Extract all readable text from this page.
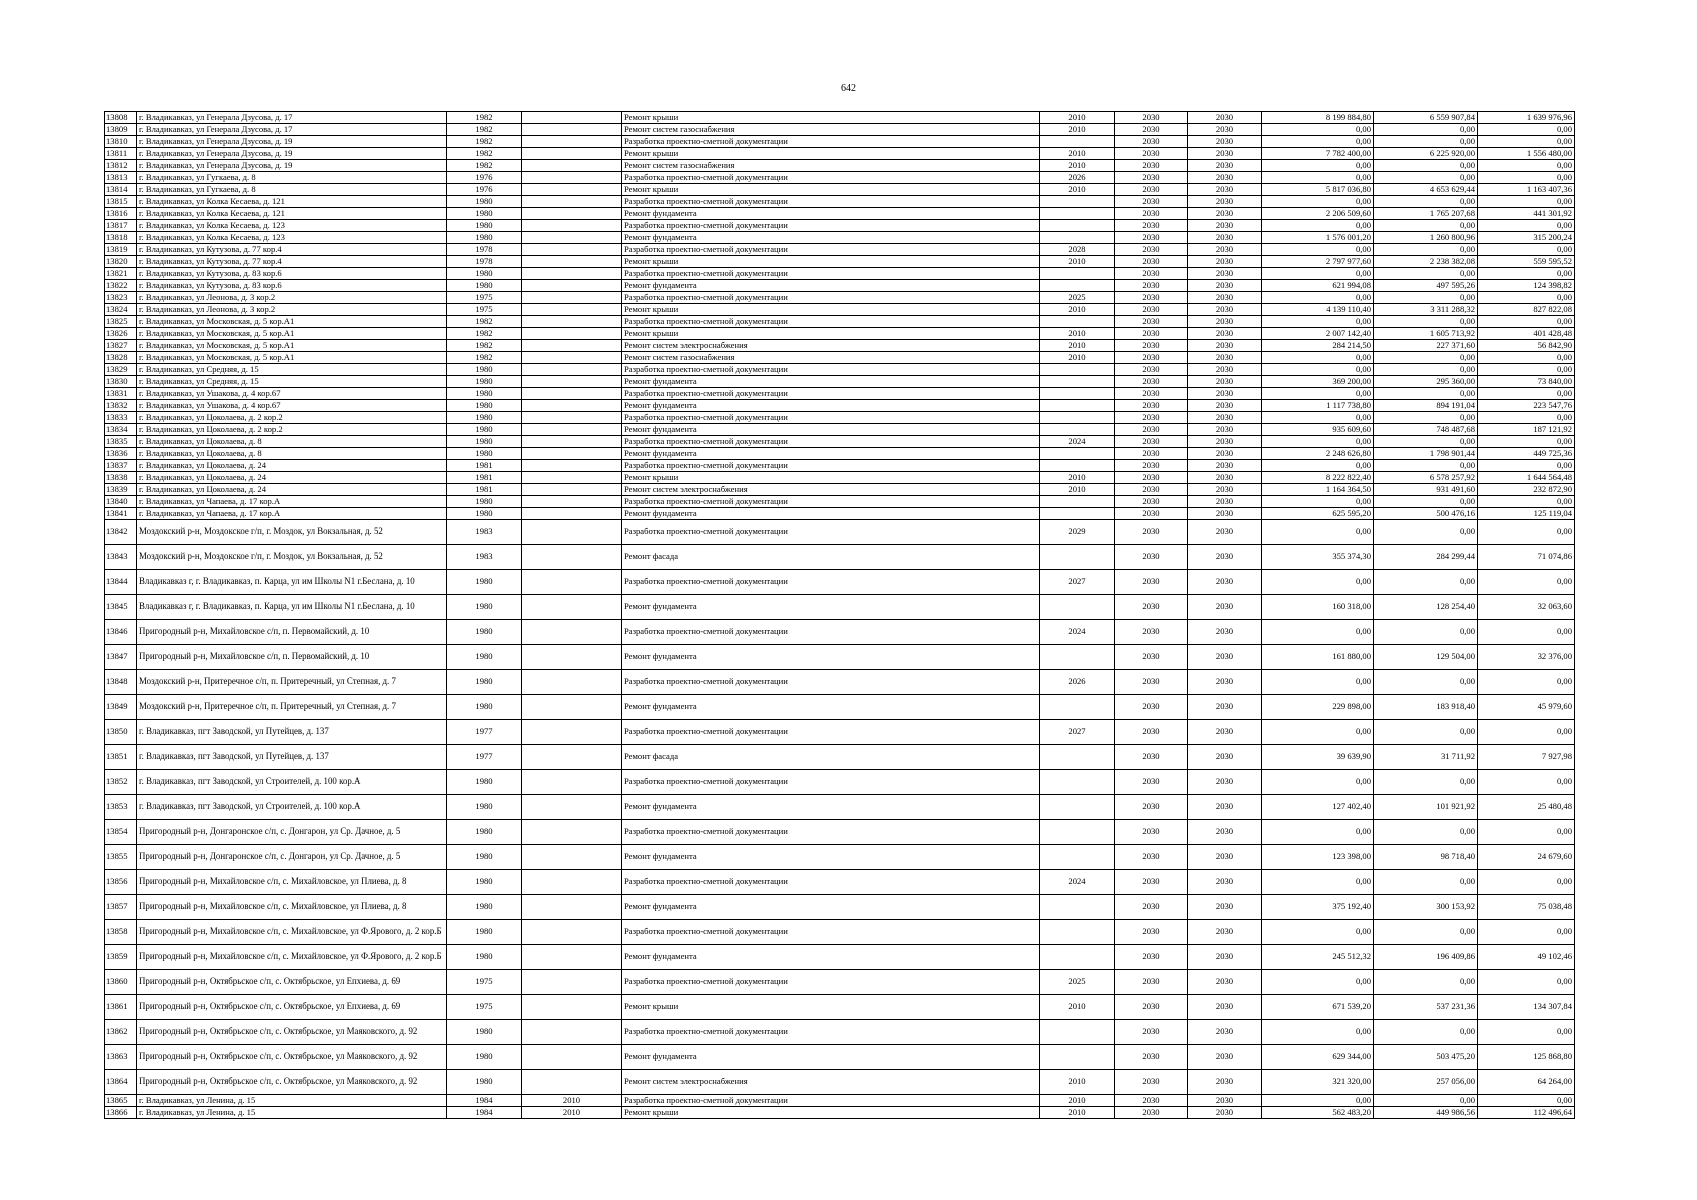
642
13808	г. Владикавказ, ул Генерала Дзусова, д. 17	1982		Ремонт крыши	2010	2030	2030	8 199 884,80	6 559 907,84	1 639 976,96
13809	г. Владикавказ, ул Генерала Дзусова, д. 17	1982		Ремонт систем газоснабжения	2010	2030	2030	0,00	0,00	0,00
13810	г. Владикавказ, ул Генерала Дзусова, д. 19	1982		Разработка проектно-сметной документации		2030	2030	0,00	0,00	0,00
13811	г. Владикавказ, ул Генерала Дзусова, д. 19	1982		Ремонт крыши	2010	2030	2030	7 782 400,00	6 225 920,00	1 556 480,00
13812	г. Владикавказ, ул Генерала Дзусова, д. 19	1982		Ремонт систем газоснабжения	2010	2030	2030	0,00	0,00	0,00
13813	г. Владикавказ, ул Гугкаева, д. 8	1976		Разработка проектно-сметной документации	2026	2030	2030	0,00	0,00	0,00
13814	г. Владикавказ, ул Гугкаева, д. 8	1976		Ремонт крыши	2010	2030	2030	5 817 036,80	4 653 629,44	1 163 407,36
13815	г. Владикавказ, ул Колка Кесаева, д. 121	1980		Разработка проектно-сметной документации		2030	2030	0,00	0,00	0,00
13816	г. Владикавказ, ул Колка Кесаева, д. 121	1980		Ремонт фундамента		2030	2030	2 206 509,60	1 765 207,68	441 301,92
13817	г. Владикавказ, ул Колка Кесаева, д. 123	1980		Разработка проектно-сметной документации		2030	2030	0,00	0,00	0,00
13818	г. Владикавказ, ул Колка Кесаева, д. 123	1980		Ремонт фундамента		2030	2030	1 576 001,20	1 260 800,96	315 200,24
13819	г. Владикавказ, ул Кутузова, д. 77 кор.4	1978		Разработка проектно-сметной документации	2028	2030	2030	0,00	0,00	0,00
13820	г. Владикавказ, ул Кутузова, д. 77 кор.4	1978		Ремонт крыши	2010	2030	2030	2 797 977,60	2 238 382,08	559 595,52
13821	г. Владикавказ, ул Кутузова, д. 83 кор.6	1980		Разработка проектно-сметной документации		2030	2030	0,00	0,00	0,00
13822	г. Владикавказ, ул Кутузова, д. 83 кор.6	1980		Ремонт фундамента		2030	2030	621 994,08	497 595,26	124 398,82
13823	г. Владикавказ, ул Леонова, д. 3 кор.2	1975		Разработка проектно-сметной документации	2025	2030	2030	0,00	0,00	0,00
13824	г. Владикавказ, ул Леонова, д. 3 кор.2	1975		Ремонт крыши	2010	2030	2030	4 139 110,40	3 311 288,32	827 822,08
13825	г. Владикавказ, ул Московская, д. 5 кор.А1	1982		Разработка проектно-сметной документации		2030	2030	0,00	0,00	0,00
13826	г. Владикавказ, ул Московская, д. 5 кор.А1	1982		Ремонт крыши	2010	2030	2030	2 007 142,40	1 605 713,92	401 428,48
13827	г. Владикавказ, ул Московская, д. 5 кор.А1	1982		Ремонт систем электроснабжения	2010	2030	2030	284 214,50	227 371,60	56 842,90
13828	г. Владикавказ, ул Московская, д. 5 кор.А1	1982		Ремонт систем газоснабжения	2010	2030	2030	0,00	0,00	0,00
13829	г. Владикавказ, ул Средняя, д. 15	1980		Разработка проектно-сметной документации		2030	2030	0,00	0,00	0,00
13830	г. Владикавказ, ул Средняя, д. 15	1980		Ремонт фундамента		2030	2030	369 200,00	295 360,00	73 840,00
13831	г. Владикавказ, ул Ушакова, д. 4 кор.67	1980		Разработка проектно-сметной документации		2030	2030	0,00	0,00	0,00
13832	г. Владикавказ, ул Ушакова, д. 4 кор.67	1980		Ремонт фундамента		2030	2030	1 117 738,80	894 191,04	223 547,76
13833	г. Владикавказ, ул Цоколаева, д. 2 кор.2	1980		Разработка проектно-сметной документации		2030	2030	0,00	0,00	0,00
13834	г. Владикавказ, ул Цоколаева, д. 2 кор.2	1980		Ремонт фундамента		2030	2030	935 609,60	748 487,68	187 121,92
13835	г. Владикавказ, ул Цоколаева, д. 8	1980		Разработка проектно-сметной документации	2024	2030	2030	0,00	0,00	0,00
13836	г. Владикавказ, ул Цоколаева, д. 8	1980		Ремонт фундамента		2030	2030	2 248 626,80	1 798 901,44	449 725,36
13837	г. Владикавказ, ул Цоколаева, д. 24	1981		Разработка проектно-сметной документации		2030	2030	0,00	0,00	0,00
13838	г. Владикавказ, ул Цоколаева, д. 24	1981		Ремонт крыши	2010	2030	2030	8 222 822,40	6 578 257,92	1 644 564,48
13839	г. Владикавказ, ул Цоколаева, д. 24	1981		Ремонт систем электроснабжения	2010	2030	2030	1 164 364,50	931 491,60	232 872,90
13840	г. Владикавказ, ул Чапаева, д. 17 кор.А	1980		Разработка проектно-сметной документации		2030	2030	0,00	0,00	0,00
13841	г. Владикавказ, ул Чапаева, д. 17 кор.А	1980		Ремонт фундамента		2030	2030	625 595,20	500 476,16	125 119,04
13842	Моздокский р-н, Моздокское г/п, г. Моздок, ул Вокзальная, д. 52	1983		Разработка проектно-сметной документации	2029	2030	2030	0,00	0,00	0,00
13843	Моздокский р-н, Моздокское г/п, г. Моздок, ул Вокзальная, д. 52	1983		Ремонт фасада		2030	2030	355 374,30	284 299,44	71 074,86
13844	Владикавказ г, г. Владикавказ, п. Карца, ул им Школы N1 г.Беслана, д. 10	1980		Разработка проектно-сметной документации	2027	2030	2030	0,00	0,00	0,00
13845	Владикавказ г, г. Владикавказ, п. Карца, ул им Школы N1 г.Беслана, д. 10	1980		Ремонт фундамента		2030	2030	160 318,00	128 254,40	32 063,60
13846	Пригородный р-н, Михайловское с/п, п. Первомайский, д. 10	1980		Разработка проектно-сметной документации	2024	2030	2030	0,00	0,00	0,00
13847	Пригородный р-н, Михайловское с/п, п. Первомайский, д. 10	1980		Ремонт фундамента		2030	2030	161 880,00	129 504,00	32 376,00
13848	Моздокский р-н, Притеречное с/п, п. Притеречный, ул Степная, д. 7	1980		Разработка проектно-сметной документации	2026	2030	2030	0,00	0,00	0,00
13849	Моздокский р-н, Притеречное с/п, п. Притеречный, ул Степная, д. 7	1980		Ремонт фундамента		2030	2030	229 898,00	183 918,40	45 979,60
13850	г. Владикавказ, пгт Заводской, ул Путейцев, д. 137	1977		Разработка проектно-сметной документации	2027	2030	2030	0,00	0,00	0,00
13851	г. Владикавказ, пгт Заводской, ул Путейцев, д. 137	1977		Ремонт фасада		2030	2030	39 639,90	31 711,92	7 927,98
13852	г. Владикавказ, пгт Заводской, ул Строителей, д. 100 кор.А	1980		Разработка проектно-сметной документации		2030	2030	0,00	0,00	0,00
13853	г. Владикавказ, пгт Заводской, ул Строителей, д. 100 кор.А	1980		Ремонт фундамента		2030	2030	127 402,40	101 921,92	25 480,48
13854	Пригородный р-н, Донгаронское с/п, с. Донгарон, ул Ср. Дачное, д. 5	1980		Разработка проектно-сметной документации		2030	2030	0,00	0,00	0,00
13855	Пригородный р-н, Донгаронское с/п, с. Донгарон, ул Ср. Дачное, д. 5	1980		Ремонт фундамента		2030	2030	123 398,00	98 718,40	24 679,60
13856	Пригородный р-н, Михайловское с/п, с. Михайловское, ул Плиева, д. 8	1980		Разработка проектно-сметной документации	2024	2030	2030	0,00	0,00	0,00
13857	Пригородный р-н, Михайловское с/п, с. Михайловское, ул Плиева, д. 8	1980		Ремонт фундамента		2030	2030	375 192,40	300 153,92	75 038,48
13858	Пригородный р-н, Михайловское с/п, с. Михайловское, ул Ф.Ярового, д. 2 кор.Б	1980		Разработка проектно-сметной документации		2030	2030	0,00	0,00	0,00
13859	Пригородный р-н, Михайловское с/п, с. Михайловское, ул Ф.Ярового, д. 2 кор.Б	1980		Ремонт фундамента		2030	2030	245 512,32	196 409,86	49 102,46
13860	Пригородный р-н, Октябрьское с/п, с. Октябрьское, ул Епхиева, д. 69	1975		Разработка проектно-сметной документации	2025	2030	2030	0,00	0,00	0,00
13861	Пригородный р-н, Октябрьское с/п, с. Октябрьское, ул Епхиева, д. 69	1975		Ремонт крыши	2010	2030	2030	671 539,20	537 231,36	134 307,84
13862	Пригородный р-н, Октябрьское с/п, с. Октябрьское, ул Маяковского, д. 92	1980		Разработка проектно-сметной документации		2030	2030	0,00	0,00	0,00
13863	Пригородный р-н, Октябрьское с/п, с. Октябрьское, ул Маяковского, д. 92	1980		Ремонт фундамента		2030	2030	629 344,00	503 475,20	125 868,80
13864	Пригородный р-н, Октябрьское с/п, с. Октябрьское, ул Маяковского, д. 92	1980		Ремонт систем электроснабжения	2010	2030	2030	321 320,00	257 056,00	64 264,00
13865	г. Владикавказ, ул Ленина, д. 15	1984	2010	Разработка проектно-сметной документации	2010	2030	2030	0,00	0,00	0,00
13866	г. Владикавказ, ул Ленина, д. 15	1984	2010	Ремонт крыши	2010	2030	2030	562 483,20	449 986,56	112 496,64
